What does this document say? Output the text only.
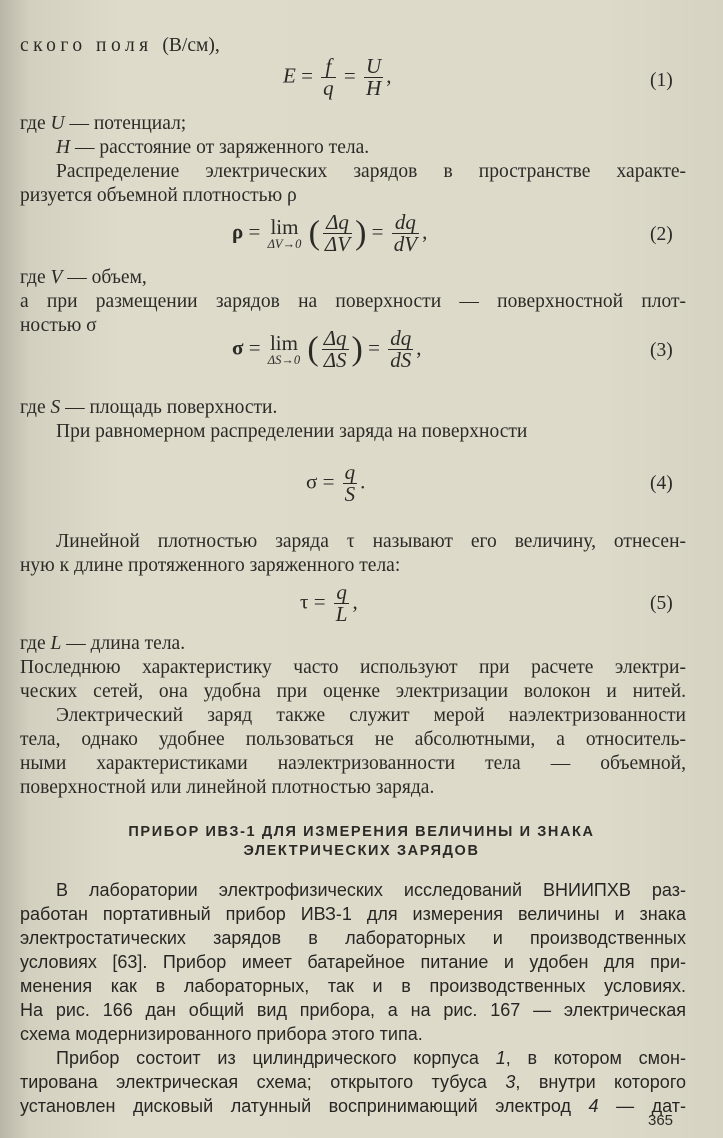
ского поля (В/см),
$E = \frac{f}{q} = \frac{U}{H}$ ,	(1)
где U — потенциал;
H — расстояние от заряженного тела.
Распределение электрических зарядов в пространстве характе-
ризуется объемной плотностью ρ
ρ = lim
ΔV→0 ( $\frac{\Delta q}{\Delta V}$ ) = $\frac{dq}{dV}$ ,	(2)
где V — объем,
а при размещении зарядов на поверхности — поверхностной плот-
ностью σ
σ = lim
ΔS→0 ( $\frac{\Delta q}{\Delta S}$ ) = $\frac{dq}{dS}$ ,	(3)
где S — площадь поверхности.
При равномерном распределении заряда на поверхности
$\sigma = \frac{q}{S}$ .	(4)
Линейной плотностью заряда τ называют его величину, отнесен-
ную к длине протяженного заряженного тела:
$\tau = \frac{q}{L}$ ,	(5)
где L — длина тела.
Последнюю характеристику часто используют при расчете электри-
ческих сетей, она удобна при оценке электризации волокон и нитей.
Электрический заряд также служит мерой наэлектризованности
тела, однако удобнее пользоваться не абсолютными, а относитель-
ными характеристиками наэлектризованности тела — объемной,
поверхностной или линейной плотностью заряда.
ПРИБОР ИВЗ-1 ДЛЯ ИЗМЕРЕНИЯ ВЕЛИЧИНЫ И ЗНАКА
ЭЛЕКТРИЧЕСКИХ ЗАРЯДОВ
В лаборатории электрофизических исследований ВНИИПХВ раз-
работан портативный прибор ИВЗ-1 для измерения величины и знака
электростатических зарядов в лабораторных и производственных
условиях [63]. Прибор имеет батарейное питание и удобен для при-
менения как в лабораторных, так и в производственных условиях.
На рис. 166 дан общий вид прибора, а на рис. 167 — электрическая
схема модернизированного прибора этого типа.
Прибор состоит из цилиндрического корпуса 1, в котором смон-
тирована электрическая схема; открытого тубуса 3, внутри которого
установлен дисковый латунный воспринимающий электрод 4 — дат-
365
